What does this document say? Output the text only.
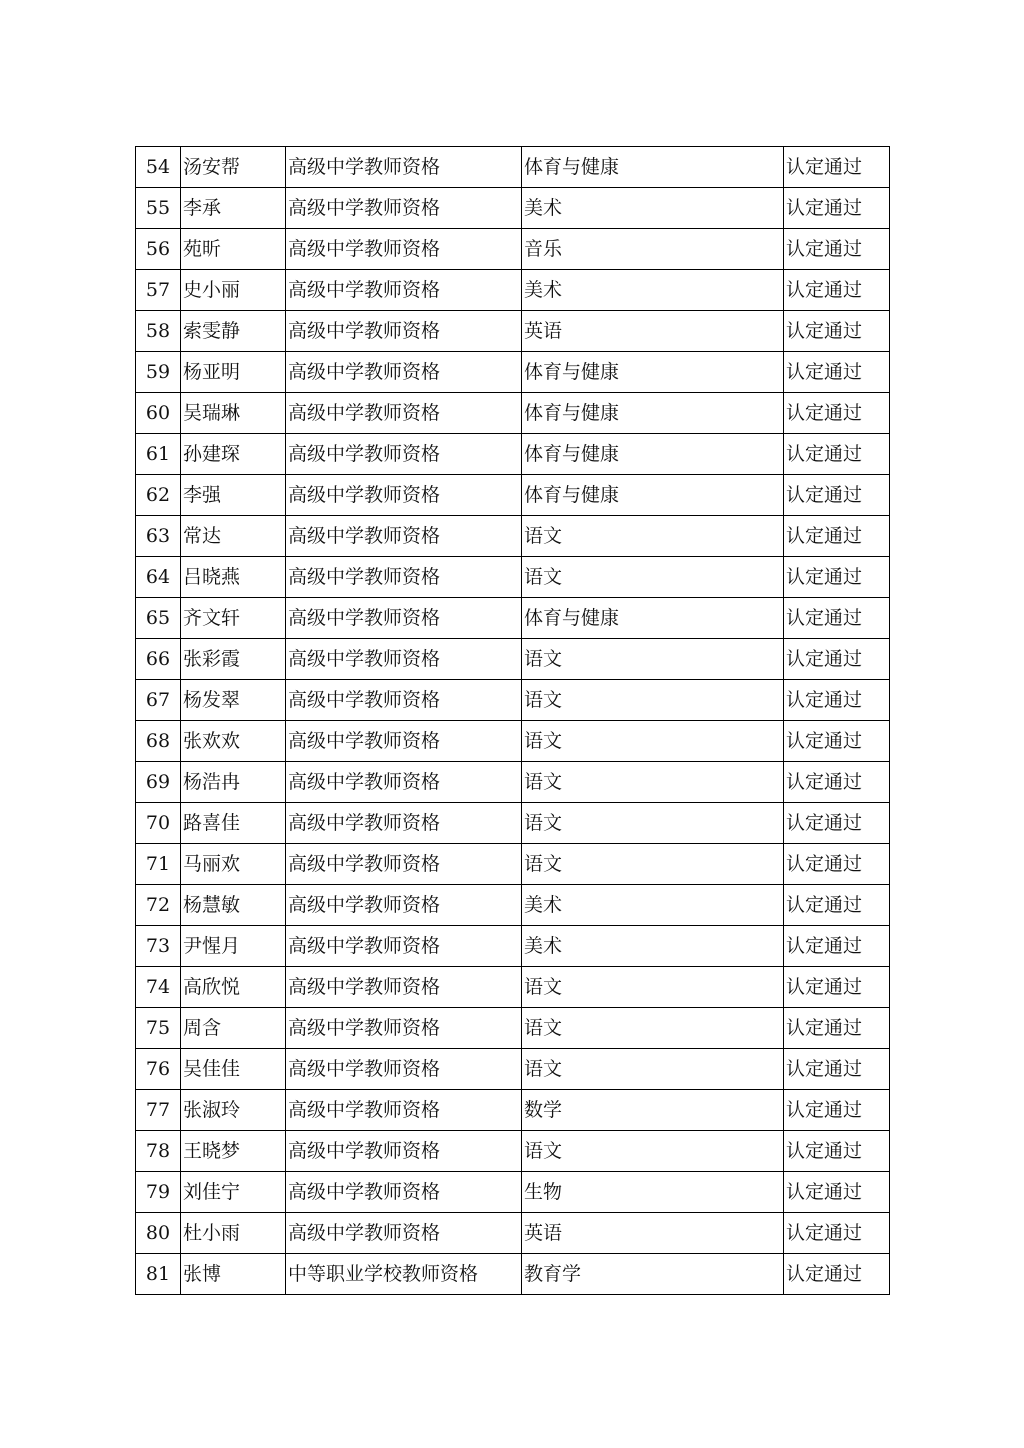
54	汤安帮	高级中学教师资格	体育与健康	认定通过
55	李承	高级中学教师资格	美术	认定通过
56	苑昕	高级中学教师资格	音乐	认定通过
57	史小丽	高级中学教师资格	美术	认定通过
58	索雯静	高级中学教师资格	英语	认定通过
59	杨亚明	高级中学教师资格	体育与健康	认定通过
60	吴瑞琳	高级中学教师资格	体育与健康	认定通过
61	孙建琛	高级中学教师资格	体育与健康	认定通过
62	李强	高级中学教师资格	体育与健康	认定通过
63	常达	高级中学教师资格	语文	认定通过
64	吕晓燕	高级中学教师资格	语文	认定通过
65	齐文轩	高级中学教师资格	体育与健康	认定通过
66	张彩霞	高级中学教师资格	语文	认定通过
67	杨发翠	高级中学教师资格	语文	认定通过
68	张欢欢	高级中学教师资格	语文	认定通过
69	杨浩冉	高级中学教师资格	语文	认定通过
70	路喜佳	高级中学教师资格	语文	认定通过
71	马丽欢	高级中学教师资格	语文	认定通过
72	杨慧敏	高级中学教师资格	美术	认定通过
73	尹惺月	高级中学教师资格	美术	认定通过
74	高欣悦	高级中学教师资格	语文	认定通过
75	周含	高级中学教师资格	语文	认定通过
76	吴佳佳	高级中学教师资格	语文	认定通过
77	张淑玲	高级中学教师资格	数学	认定通过
78	王晓梦	高级中学教师资格	语文	认定通过
79	刘佳宁	高级中学教师资格	生物	认定通过
80	杜小雨	高级中学教师资格	英语	认定通过
81	张博	中等职业学校教师资格	教育学	认定通过
